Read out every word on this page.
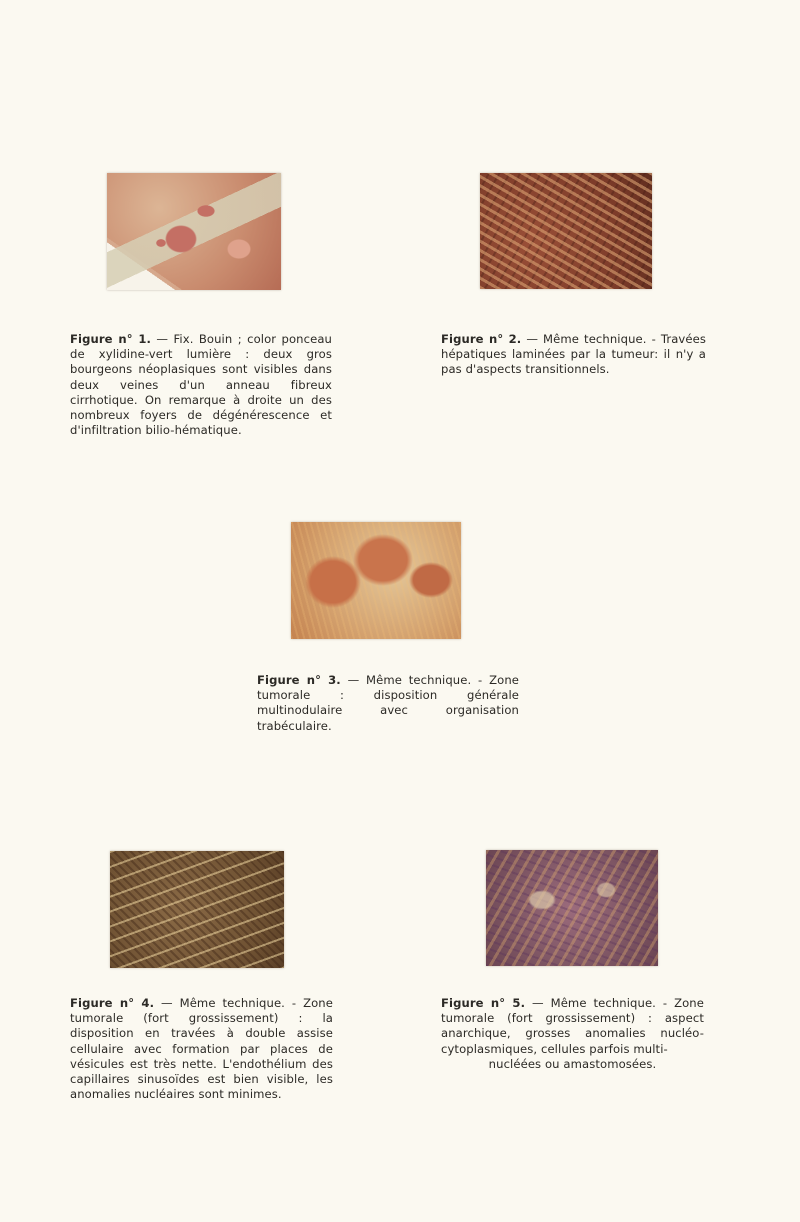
Figure n° 1. — Fix. Bouin ; color ponceau de xylidine-vert lumière : deux gros bourgeons néoplasiques sont visibles dans deux veines d'un anneau fibreux cirrhotique. On remarque à droite un des nombreux foyers de dégénérescence et d'infiltration bilio-hématique.
Figure n° 2. — Même technique. - Travées hépatiques laminées par la tumeur: il n'y a pas d'aspects transitionnels.
Figure n° 3. — Même technique. - Zone tumorale : disposition générale multinodulaire avec organisation trabéculaire.
Figure n° 4. — Même technique. - Zone tumorale (fort grossissement) : la disposition en travées à double assise cellulaire avec formation par places de vésicules est très nette. L'endothélium des capillaires sinusoïdes est bien visible, les anomalies nucléaires sont minimes.
Figure n° 5. — Même technique. - Zone tumorale (fort grossissement) : aspect anarchique, grosses anomalies nucléo-cytoplasmiques, cellules parfois multi-
nucléées ou amastomosées.
